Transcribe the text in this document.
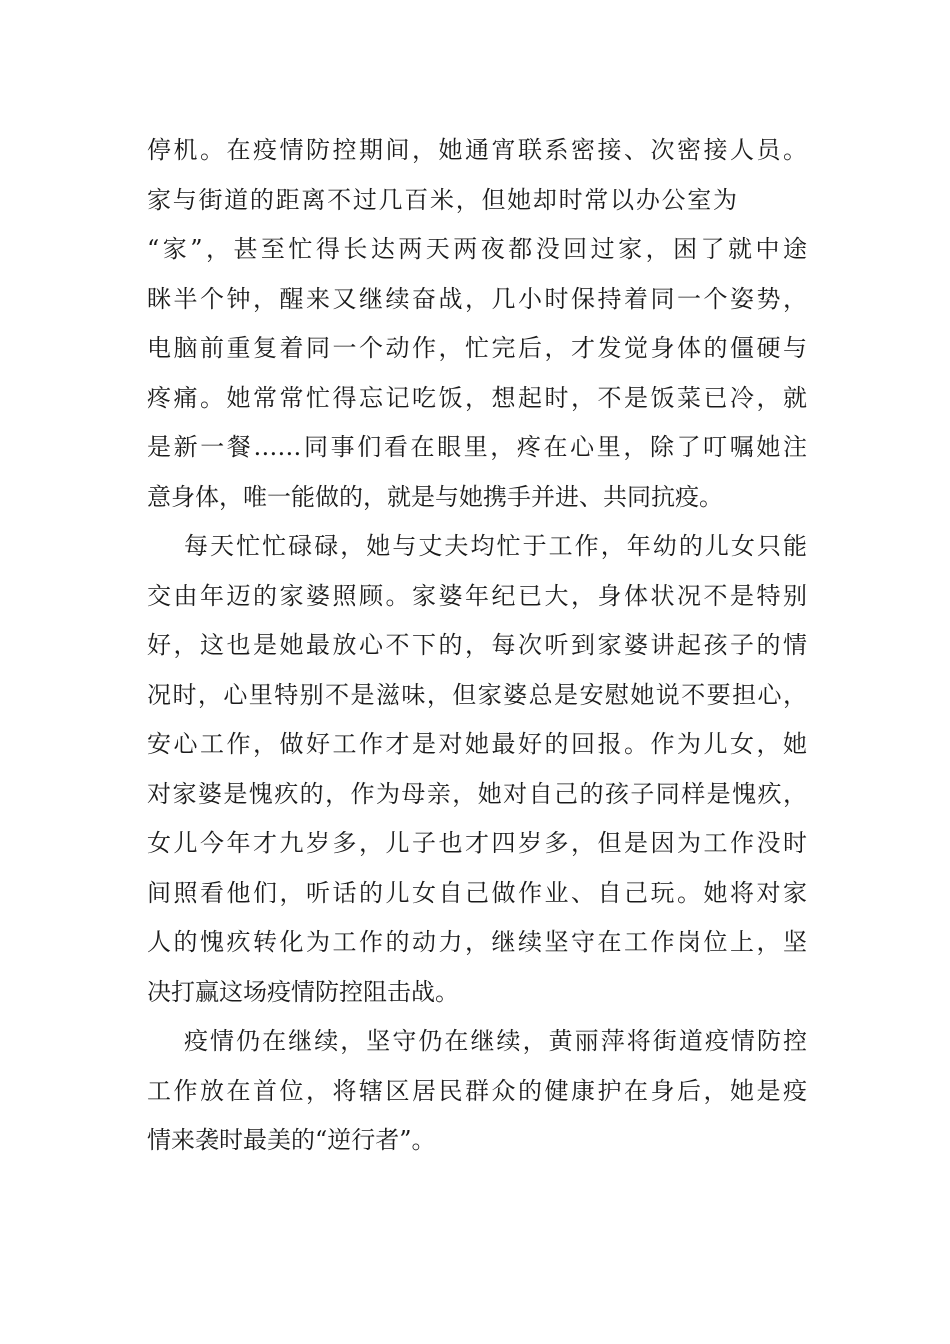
停机。在疫情防控期间，她通宵联系密接、次密接人员。
家与街道的距离不过几百米，但她却时常以办公室为
“家”，甚至忙得长达两天两夜都没回过家，困了就中途
眯半个钟，醒来又继续奋战，几小时保持着同一个姿势，
电脑前重复着同一个动作，忙完后，才发觉身体的僵硬与
疼痛。她常常忙得忘记吃饭，想起时，不是饭菜已冷，就
是新一餐……同事们看在眼里，疼在心里，除了叮嘱她注
意身体，唯一能做的，就是与她携手并进、共同抗疫。
每天忙忙碌碌，她与丈夫均忙于工作，年幼的儿女只能
交由年迈的家婆照顾。家婆年纪已大，身体状况不是特别
好，这也是她最放心不下的，每次听到家婆讲起孩子的情
况时，心里特别不是滋味，但家婆总是安慰她说不要担心，
安心工作，做好工作才是对她最好的回报。作为儿女，她
对家婆是愧疚的，作为母亲，她对自己的孩子同样是愧疚，
女儿今年才九岁多，儿子也才四岁多，但是因为工作没时
间照看他们，听话的儿女自己做作业、自己玩。她将对家
人的愧疚转化为工作的动力，继续坚守在工作岗位上，坚
决打赢这场疫情防控阻击战。
疫情仍在继续，坚守仍在继续，黄丽萍将街道疫情防控
工作放在首位，将辖区居民群众的健康护在身后，她是疫
情来袭时最美的“逆行者”。
